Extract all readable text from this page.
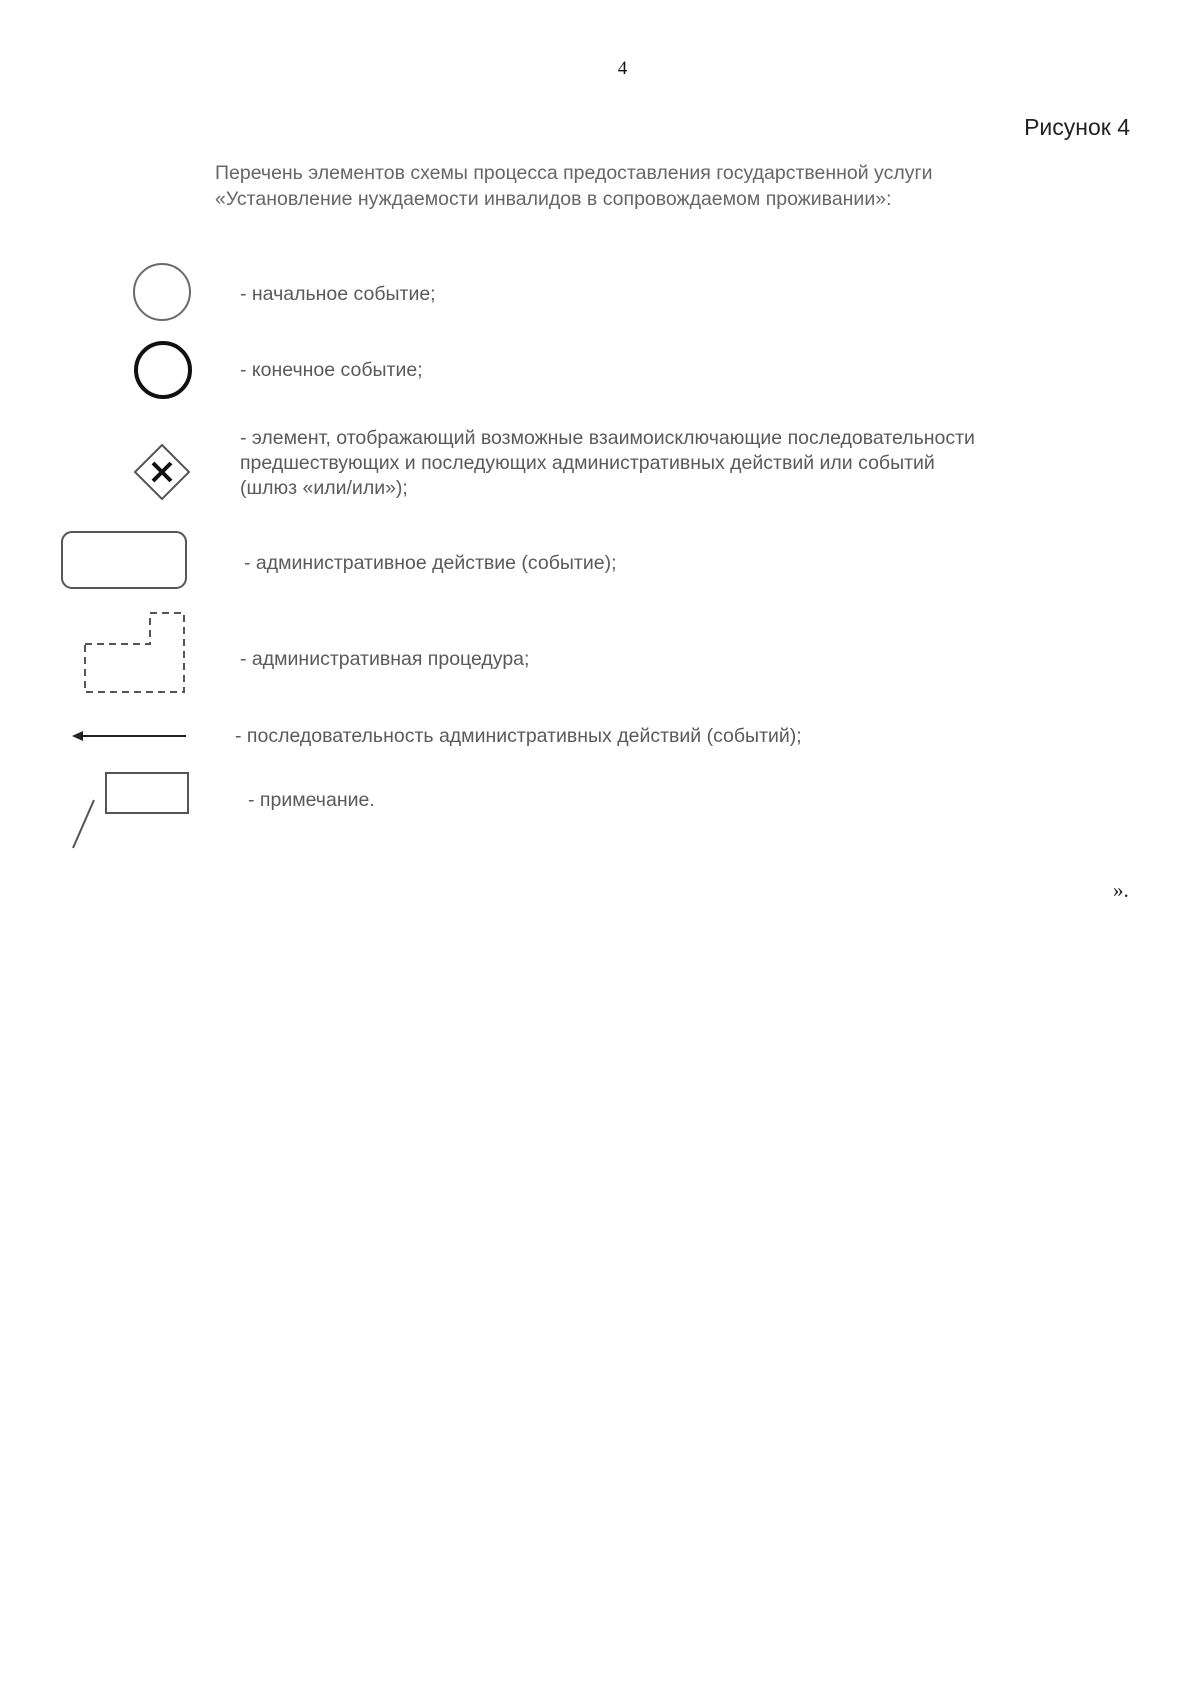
4
Рисунок 4
Перечень элементов схемы процесса предоставления государственной услуги
«Установление нуждаемости инвалидов в сопровождаемом проживании»:
- начальное событие;
- конечное событие;
- элемент, отображающий возможные взаимоисключающие последовательности
предшествующих и последующих административных действий или событий
(шлюз «или/или»);
- административное действие (событие);
- административная процедура;
- последовательность административных действий (событий);
- примечание.
».
